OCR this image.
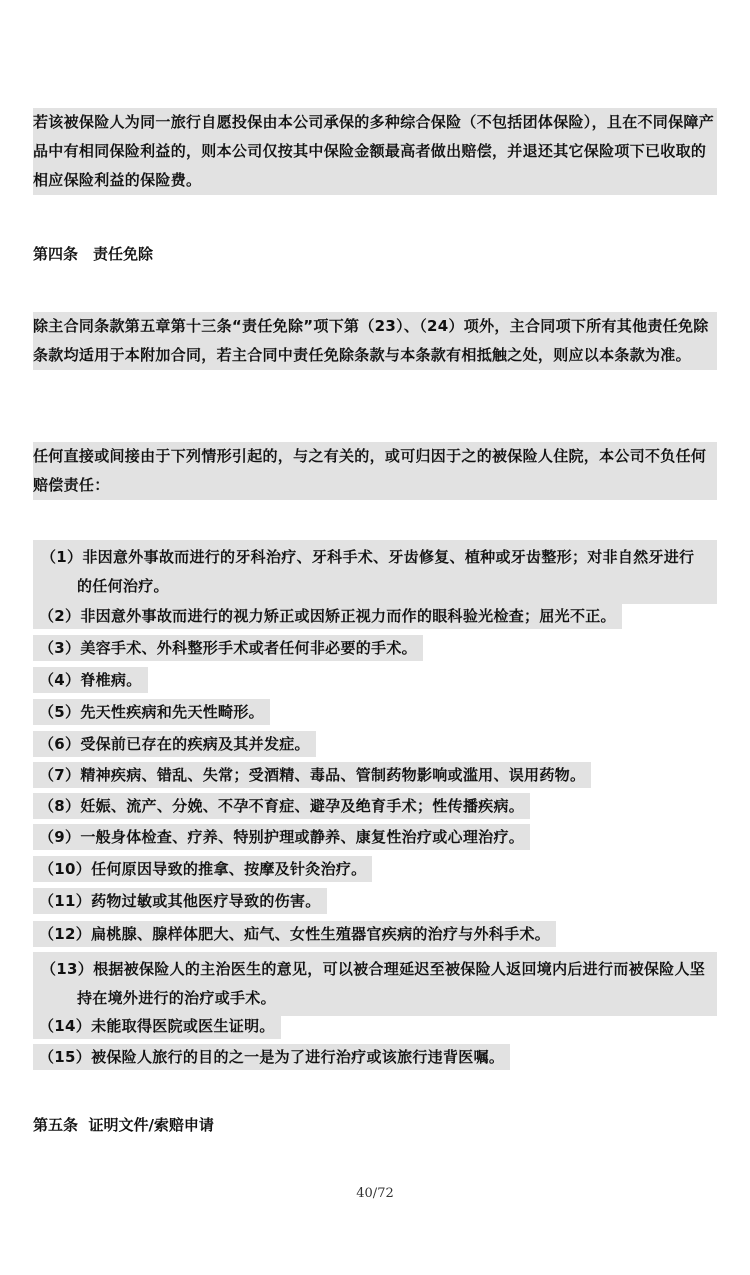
若该被保险人为同一旅行自愿投保由本公司承保的多种综合保险（不包括团体保险），且在不同保障产品中有相同保险利益的，则本公司仅按其中保险金额最高者做出赔偿，并退还其它保险项下已收取的相应保险利益的保险费。
第四条　责任免除
除主合同条款第五章第十三条“责任免除”项下第（23）、（24）项外，主合同项下所有其他责任免除条款均适用于本附加合同，若主合同中责任免除条款与本条款有相抵触之处，则应以本条款为准。
任何直接或间接由于下列情形引起的，与之有关的，或可归因于之的被保险人住院，本公司不负任何赔偿责任：
（1）非因意外事故而进行的牙科治疗、牙科手术、牙齿修复、植种或牙齿整形；对非自然牙进行
的任何治疗。
（2）非因意外事故而进行的视力矫正或因矫正视力而作的眼科验光检查；屈光不正。
（3）美容手术、外科整形手术或者任何非必要的手术。
（4）脊椎病。
（5）先天性疾病和先天性畸形。
（6）受保前已存在的疾病及其并发症。
（7）精神疾病、错乱、失常；受酒精、毒品、管制药物影响或滥用、误用药物。
（8）妊娠、流产、分娩、不孕不育症、避孕及绝育手术；性传播疾病。
（9）一般身体检查、疗养、特别护理或静养、康复性治疗或心理治疗。
（10）任何原因导致的推拿、按摩及针灸治疗。
（11）药物过敏或其他医疗导致的伤害。
（12）扁桃腺、腺样体肥大、疝气、女性生殖器官疾病的治疗与外科手术。
（13）根据被保险人的主治医生的意见，可以被合理延迟至被保险人返回境内后进行而被保险人坚
持在境外进行的治疗或手术。
（14）未能取得医院或医生证明。
（15）被保险人旅行的目的之一是为了进行治疗或该旅行违背医嘱。
第五条  证明文件/索赔申请
40/72
